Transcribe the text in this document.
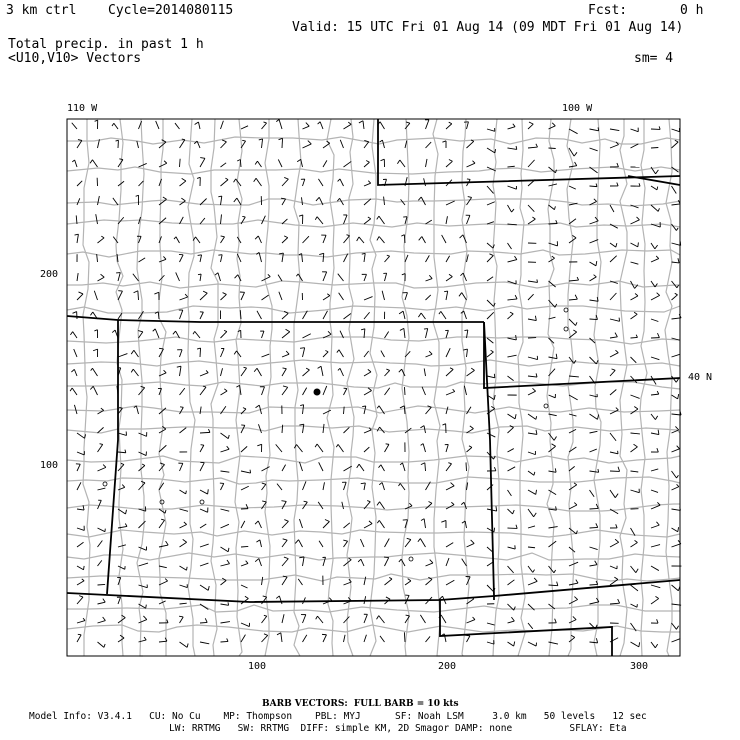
3 km ctrl Cycle=2014080115	Fcst:	0 h
Valid: 15 UTC Fri 01 Aug 14 (09 MDT Fri 01 Aug 14)
Total precip. in past 1 h
<U10,V10> Vectors	sm= 4
110 W	100 W
200
100
100	200	300
40 N
BARB VECTORS:  FULL BARB = 10 kts
Model Info: V3.4.1   CU: No Cu    MP: Thompson    PBL: MYJ      SF: Noah LSM     3.0 km   50 levels   12 sec
LW: RRTMG   SW: RRTMG  DIFF: simple KM, 2D Smagor DAMP: none          SFLAY: Eta
